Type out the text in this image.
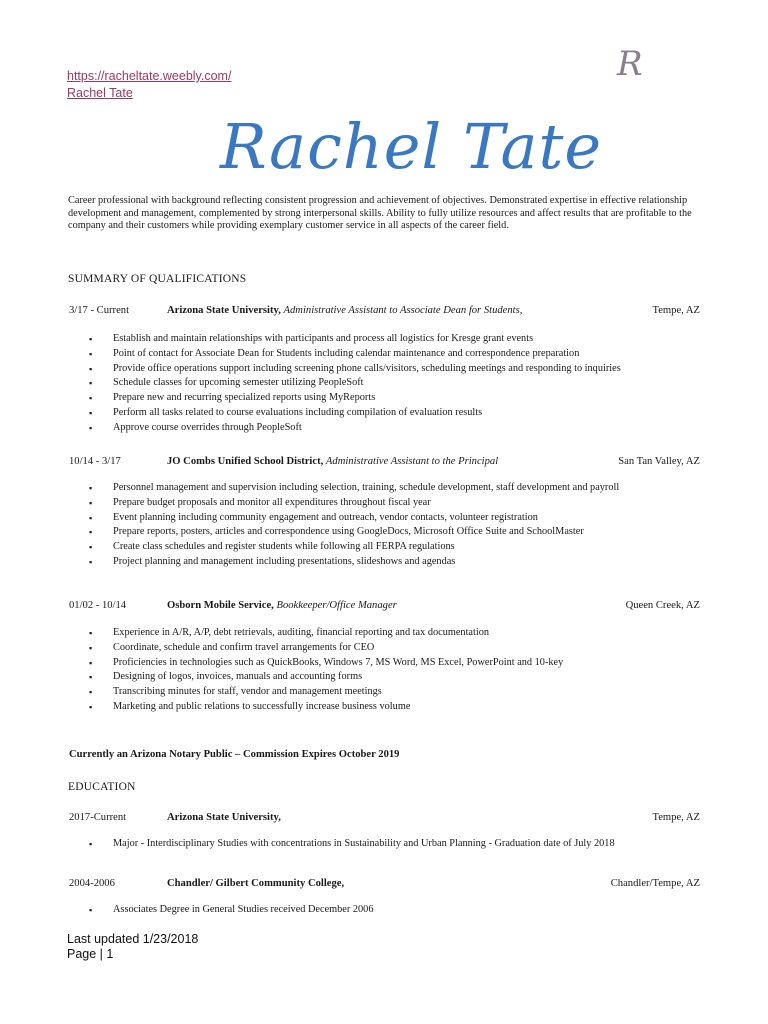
https://racheltate.weebly.com/
Rachel Tate
R
Rachel Tate
Career professional with background reflecting consistent progression and achievement of objectives. Demonstrated expertise in effective relationship development and management, complemented by strong interpersonal skills. Ability to fully utilize resources and affect results that are profitable to the company and their customers while providing exemplary customer service in all aspects of the career field.
SUMMARY OF QUALIFICATIONS
3/17 - Current	Arizona State University, Administrative Assistant to Associate Dean for Students,	Tempe, AZ
▪ Establish and maintain relationships with participants and process all logistics for Kresge grant events
▪ Point of contact for Associate Dean for Students including calendar maintenance and correspondence preparation
▪ Provide office operations support including screening phone calls/visitors, scheduling meetings and responding to inquiries
▪ Schedule classes for upcoming semester utilizing PeopleSoft
▪ Prepare new and recurring specialized reports using MyReports
▪ Perform all tasks related to course evaluations including compilation of evaluation results
▪ Approve course overrides through PeopleSoft
10/14 - 3/17	JO Combs Unified School District, Administrative Assistant to the Principal	San Tan Valley, AZ
▪ Personnel management and supervision including selection, training, schedule development, staff development and payroll
▪ Prepare budget proposals and monitor all expenditures throughout fiscal year
▪ Event planning including community engagement and outreach, vendor contacts, volunteer registration
▪ Prepare reports, posters, articles and correspondence using GoogleDocs, Microsoft Office Suite and SchoolMaster
▪ Create class schedules and register students while following all FERPA regulations
▪ Project planning and management including presentations, slideshows and agendas
01/02 - 10/14	Osborn Mobile Service, Bookkeeper/Office Manager	Queen Creek, AZ
▪ Experience in A/R, A/P, debt retrievals, auditing, financial reporting and tax documentation
▪ Coordinate, schedule and confirm travel arrangements for CEO
▪ Proficiencies in technologies such as QuickBooks, Windows 7, MS Word, MS Excel, PowerPoint and 10-key
▪ Designing of logos, invoices, manuals and accounting forms
▪ Transcribing minutes for staff, vendor and management meetings
▪ Marketing and public relations to successfully increase business volume
Currently an Arizona Notary Public – Commission Expires October 2019
EDUCATION
2017-Current	Arizona State University,	Tempe, AZ
▪ Major - Interdisciplinary Studies with concentrations in Sustainability and Urban Planning - Graduation date of July 2018
2004-2006	Chandler/ Gilbert Community College,	Chandler/Tempe, AZ
▪ Associates Degree in General Studies received December 2006
Last updated 1/23/2018
Page | 1
